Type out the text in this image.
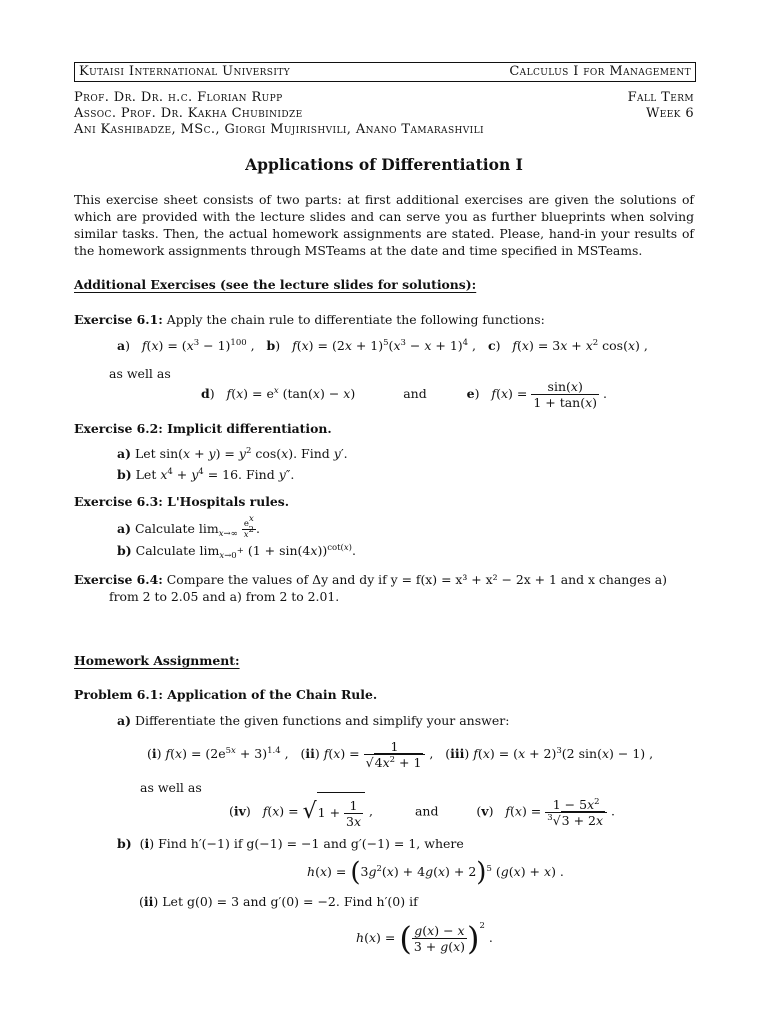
Kutaisi International University	Calculus I for Management
Prof. Dr. Dr. h.c. Florian Rupp
Assoc. Prof. Dr. Kakha Chubinidze
Ani Kashibadze, MSc., Giorgi Mujirishvili, Anano Tamarashvili
Fall Term
Week 6
Applications of Differentiation I
This exercise sheet consists of two parts: at first additional exercises are given the solutions of which are provided with the lecture slides and can serve you as further blueprints when solving similar tasks. Then, the actual homework assignments are stated. Please, hand-in your results of the homework assignments through MSTeams at the date and time specified in MSTeams.
Additional Exercises (see the lecture slides for solutions):
Exercise 6.1: Apply the chain rule to differentiate the following functions:
a)   $f(x) = (x^3 - 1)^{100}$ ,   b)   $f(x) = (2x + 1)^5(x^3 - x + 1)^4$ ,   c)   $f(x) = 3x + x^2$ cos(x) ,
as well as
d)   $f(x) = e^x$ (tan(x) − x)	and	e)   $f(x) = \frac{\sin(x)}{1 + \tan(x)}$ .
Exercise 6.2: Implicit differentiation.
a) Let $\sin(x + y) = y^2$ cos(x). Find y′.
b) Let $x^4 + y^4 = 16$. Find y″.
Exercise 6.3: L'Hospitals rules.
a) Calculate $\lim_{x\to\infty} \frac{e^x}{x^2}$ .
b) Calculate $\lim_{x\to 0^+} (1 + \sin(4x))^{cot(x)}$.
Exercise 6.4: Compare the values of Δy and dy if y = f(x) = x³ + x² − 2x + 1 and x changes a) from 2 to 2.05 and a) from 2 to 2.01.
Homework Assignment:
Problem 6.1: Application of the Chain Rule.
a) Differentiate the given functions and simplify your answer:
(i) $f(x) = (2e^{5x} + 3)^{1.4}$ ,   (ii) $f(x) = \frac{1}{√4x^2 + 1}$ ,   (iii) $f(x) = (x + 2)^3(2$ sin(x) − 1) ,
as well as
(iv)   $f(x) = √1 + \frac{1}{3x}$ ,	and	(v)   $f(x) = \frac{1 - 5x^2}{^3√3 + 2x}$ .
b)  (i) Find h′(−1) if g(−1) = −1 and g′(−1) = 1, where
$h(x) = (3g^2(x) + 4g(x) + 2)^5$ (g(x) + x) .
(ii) Let g(0) = 3 and g′(0) = −2. Find h′(0) if
h(x) = ( $\frac{g(x) - x}{3 + g(x)} )^2$ .
